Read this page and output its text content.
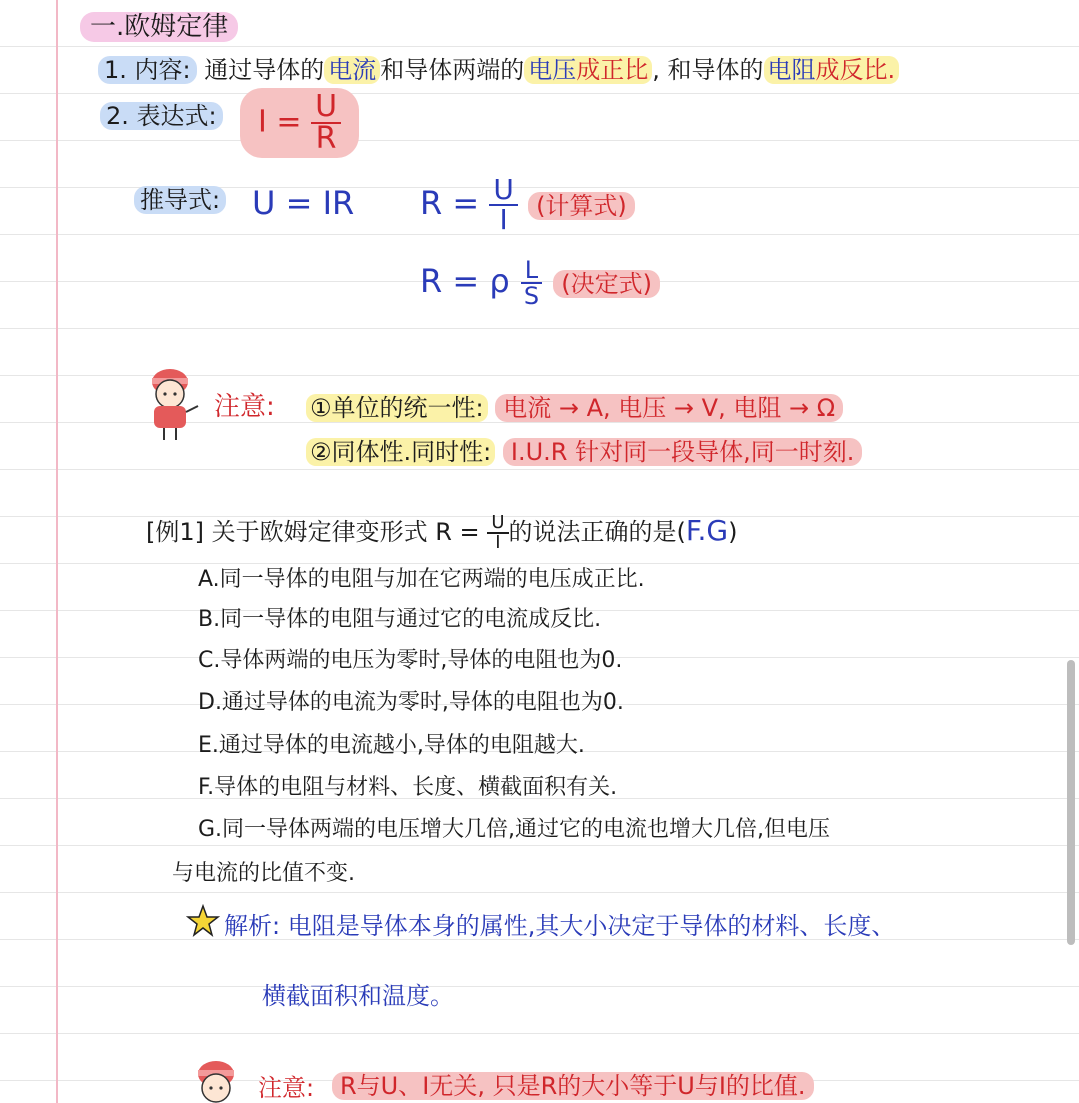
一.欧姆定律
1. 内容: 通过导体的 电流 和导体两端的 电压成正比 , 和导体的 电阻成反比.
2. 表达式:	$I = \frac{U}{R}$
推导式: U = IR $R = \frac{U}{I}$ (计算式)
R = ρ $\frac{L}{S}$ (决定式)
注意: ①单位的统一性: 电流 → A, 电压 → V, 电阻 → Ω
②同体性.同时性: I.U.R 针对同一段导体,同一时刻.
[例1] 关于欧姆定律变形式 $R = \frac{U}{I}$ 的说法正确的是(F.G)
A.同一导体的电阻与加在它两端的电压成正比.
B.同一导体的电阻与通过它的电流成反比.
C.导体两端的电压为零时,导体的电阻也为0.
D.通过导体的电流为零时,导体的电阻也为0.
E.通过导体的电流越小,导体的电阻越大.
F.导体的电阻与材料、长度、横截面积有关.
G.同一导体两端的电压增大几倍,通过它的电流也增大几倍,但电压
与电流的比值不变.
解析: 电阻是导体本身的属性,其大小决定于导体的材料、长度、
横截面积和温度。
注意:	R与U、I无关, 只是R的大小等于U与I的比值.
